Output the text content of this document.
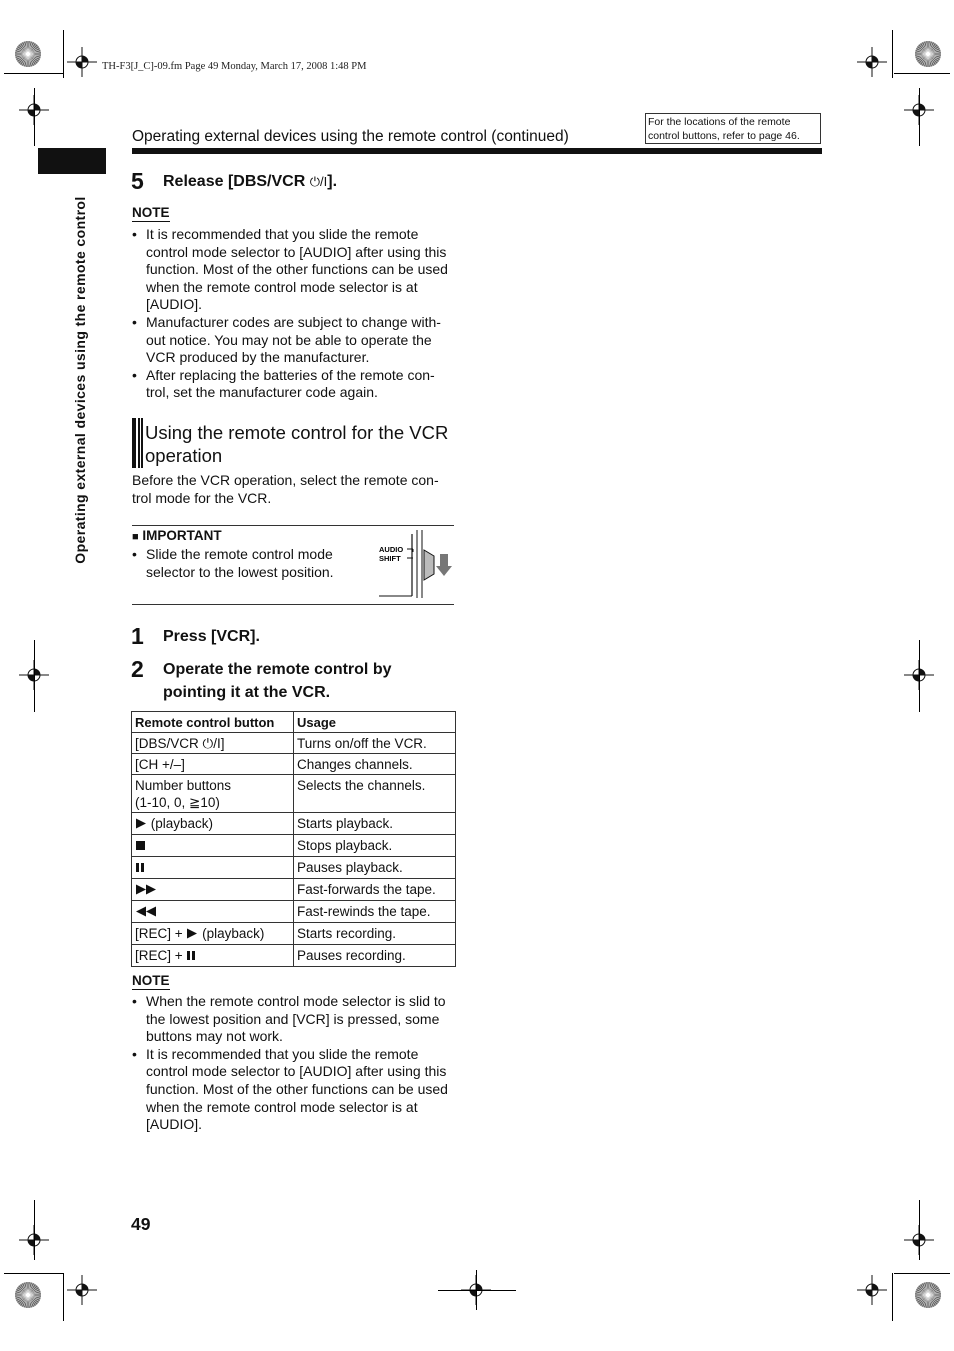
TH-F3[J_C]-09.fm Page 49 Monday, March 17, 2008 1:48 PM
Operating external devices using the remote control (continued)
For the locations of the remote
control buttons, refer to page 46.
Operating external devices using the remote control
5 Release [DBS/VCR ⏻/I].
NOTE
• It is recommended that you slide the remote control mode selector to [AUDIO] after using this function. Most of the other functions can be used when the remote control mode selector is at [AUDIO].
• Manufacturer codes are subject to change with-out notice. You may not be able to operate the VCR produced by the manufacturer.
• After replacing the batteries of the remote con-trol, set the manufacturer code again.
Using the remote control for the VCR operation
Before the VCR operation, select the remote con-trol mode for the VCR.
■ IMPORTANT
• Slide the remote control mode selector to the lowest position.
AUDIO
SHIFT
1 Press [VCR].
2 Operate the remote control by pointing it at the VCR.
Remote control button	Usage
[DBS/VCR ⏻/I]	Turns on/off the VCR.
[CH +/–]	Changes channels.
Number buttons
(1-10, 0, ≧10)	Selects the channels.
(playback)	Starts playback.
	Stops playback.
	Pauses playback.
	Fast-forwards the tape.
	Fast-rewinds the tape.
[REC] +  (playback)	Starts recording.
[REC] +	Pauses recording.
NOTE
• When the remote control mode selector is slid to the lowest position and [VCR] is pressed, some buttons may not work.
• It is recommended that you slide the remote control mode selector to [AUDIO] after using this function. Most of the other functions can be used when the remote control mode selector is at [AUDIO].
49
